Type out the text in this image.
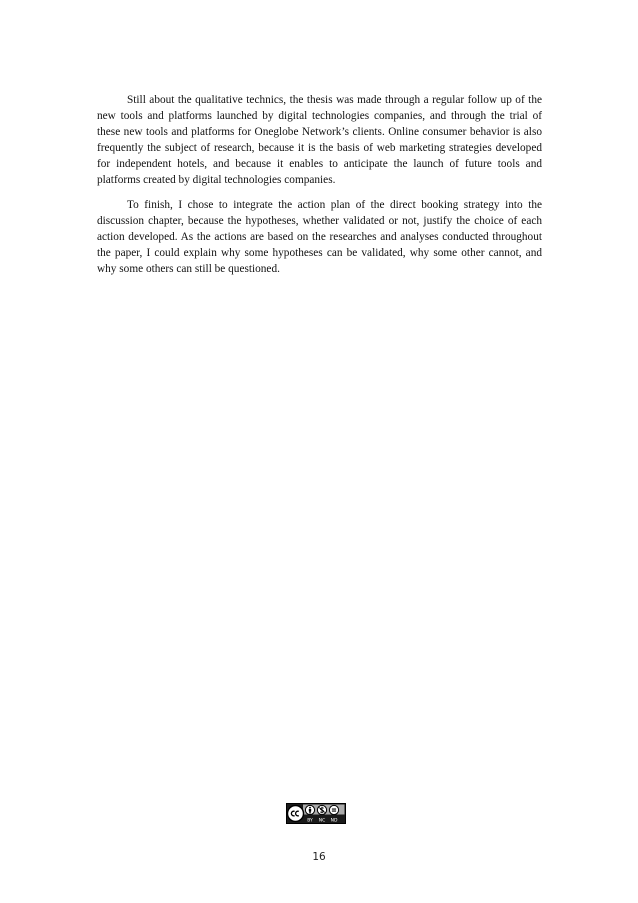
Still about the qualitative technics, the thesis was made through a regular follow up of the new tools and platforms launched by digital technologies companies, and through the trial of these new tools and platforms for Oneglobe Network’s clients. Online consumer behavior is also frequently the subject of research, because it is the basis of web marketing strategies developed for independent hotels, and because it enables to anticipate the launch of future tools and platforms created by digital technologies companies.

To finish, I chose to integrate the action plan of the direct booking strategy into the discussion chapter, because the hypotheses, whether validated or not, justify the choice of each action developed. As the actions are based on the researches and analyses conducted throughout the paper, I could explain why some hypotheses can be validated, why some other cannot, and why some others can still be questioned.

BY NC ND
16
